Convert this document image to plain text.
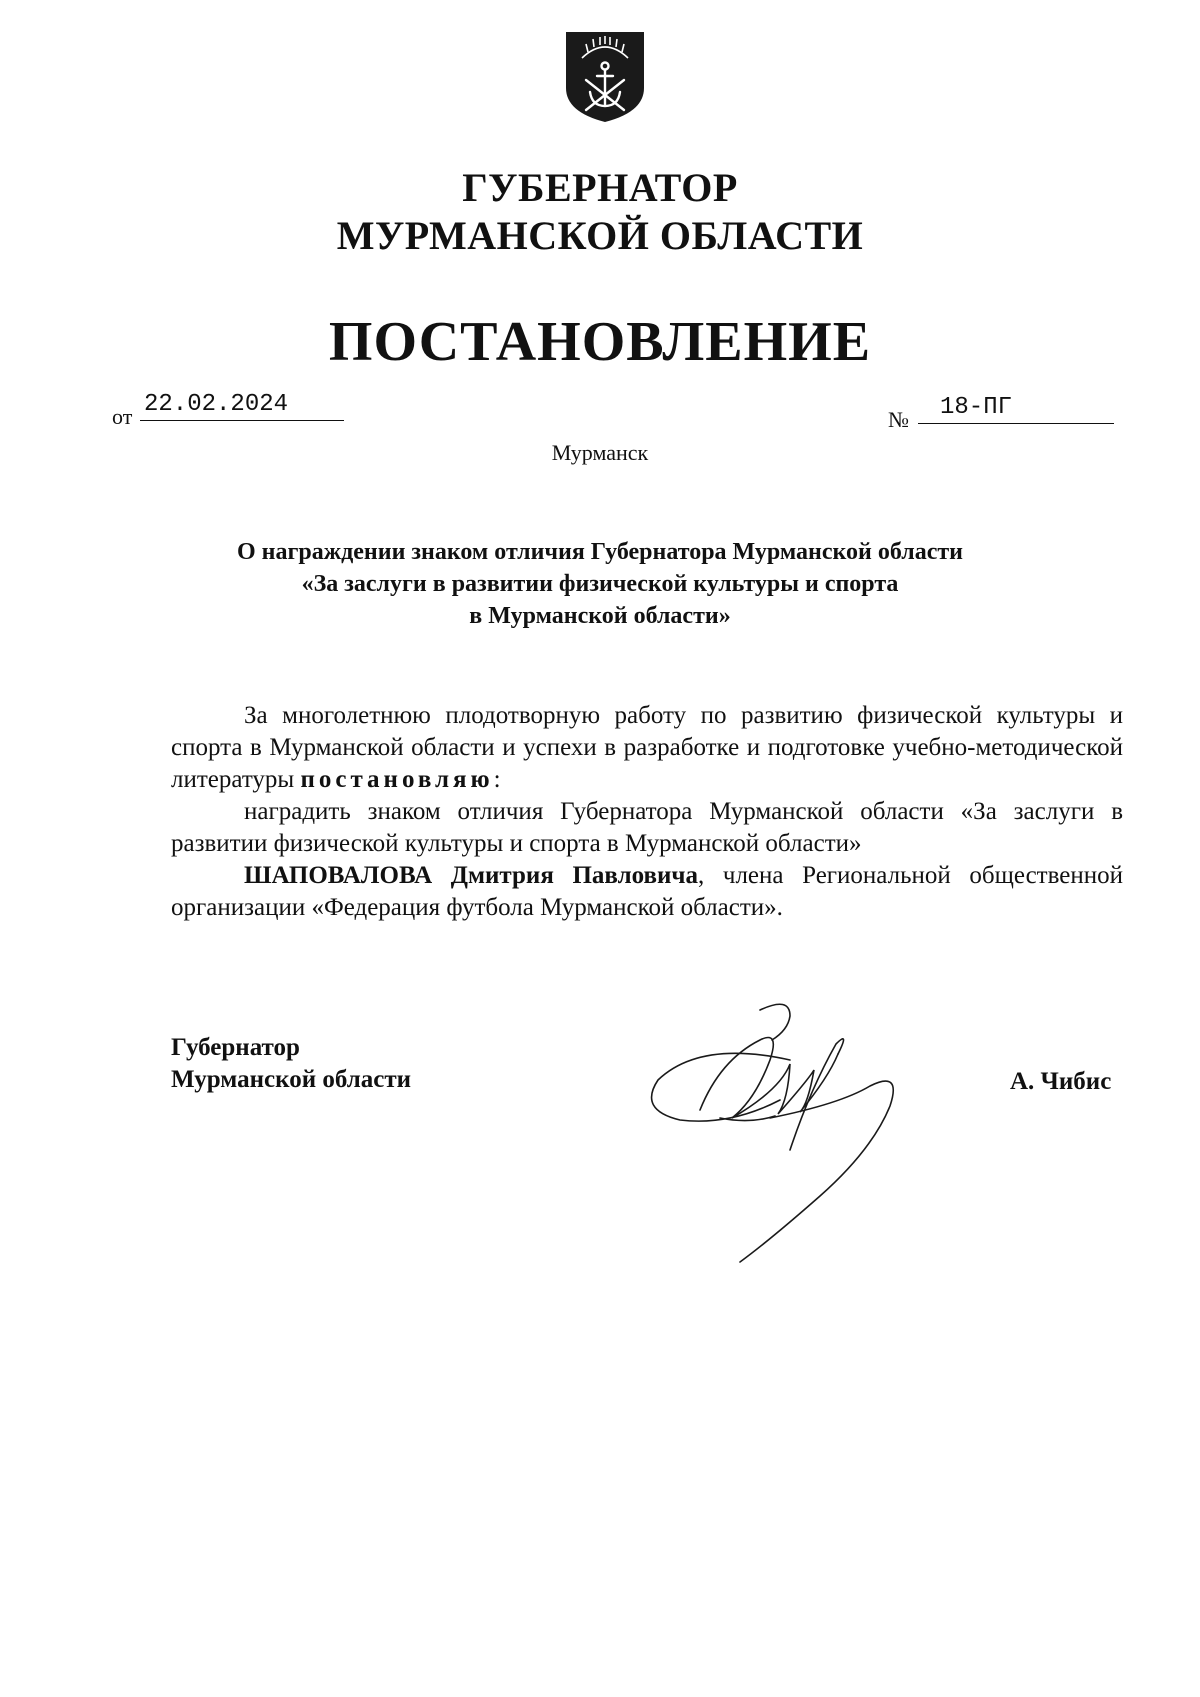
ГУБЕРНАТОР
МУРМАНСКОЙ ОБЛАСТИ
ПОСТАНОВЛЕНИЕ
от 22.02.2024
№	18-ПГ
Мурманск
О награждении знаком отличия Губернатора Мурманской области
«За заслуги в развитии физической культуры и спорта
в Мурманской области»

За многолетнюю плодотворную работу по развитию физической культуры и спорта в Мурманской области и успехи в разработке и подготовке учебно-методической литературы постановляю:

наградить знаком отличия Губернатора Мурманской области «За заслуги в развитии физической культуры и спорта в Мурманской области»

ШАПОВАЛОВА Дмитрия Павловича, члена Региональной общественной организации «Федерация футбола Мурманской области».

Губернатор
Мурманской области	А. Чибис
